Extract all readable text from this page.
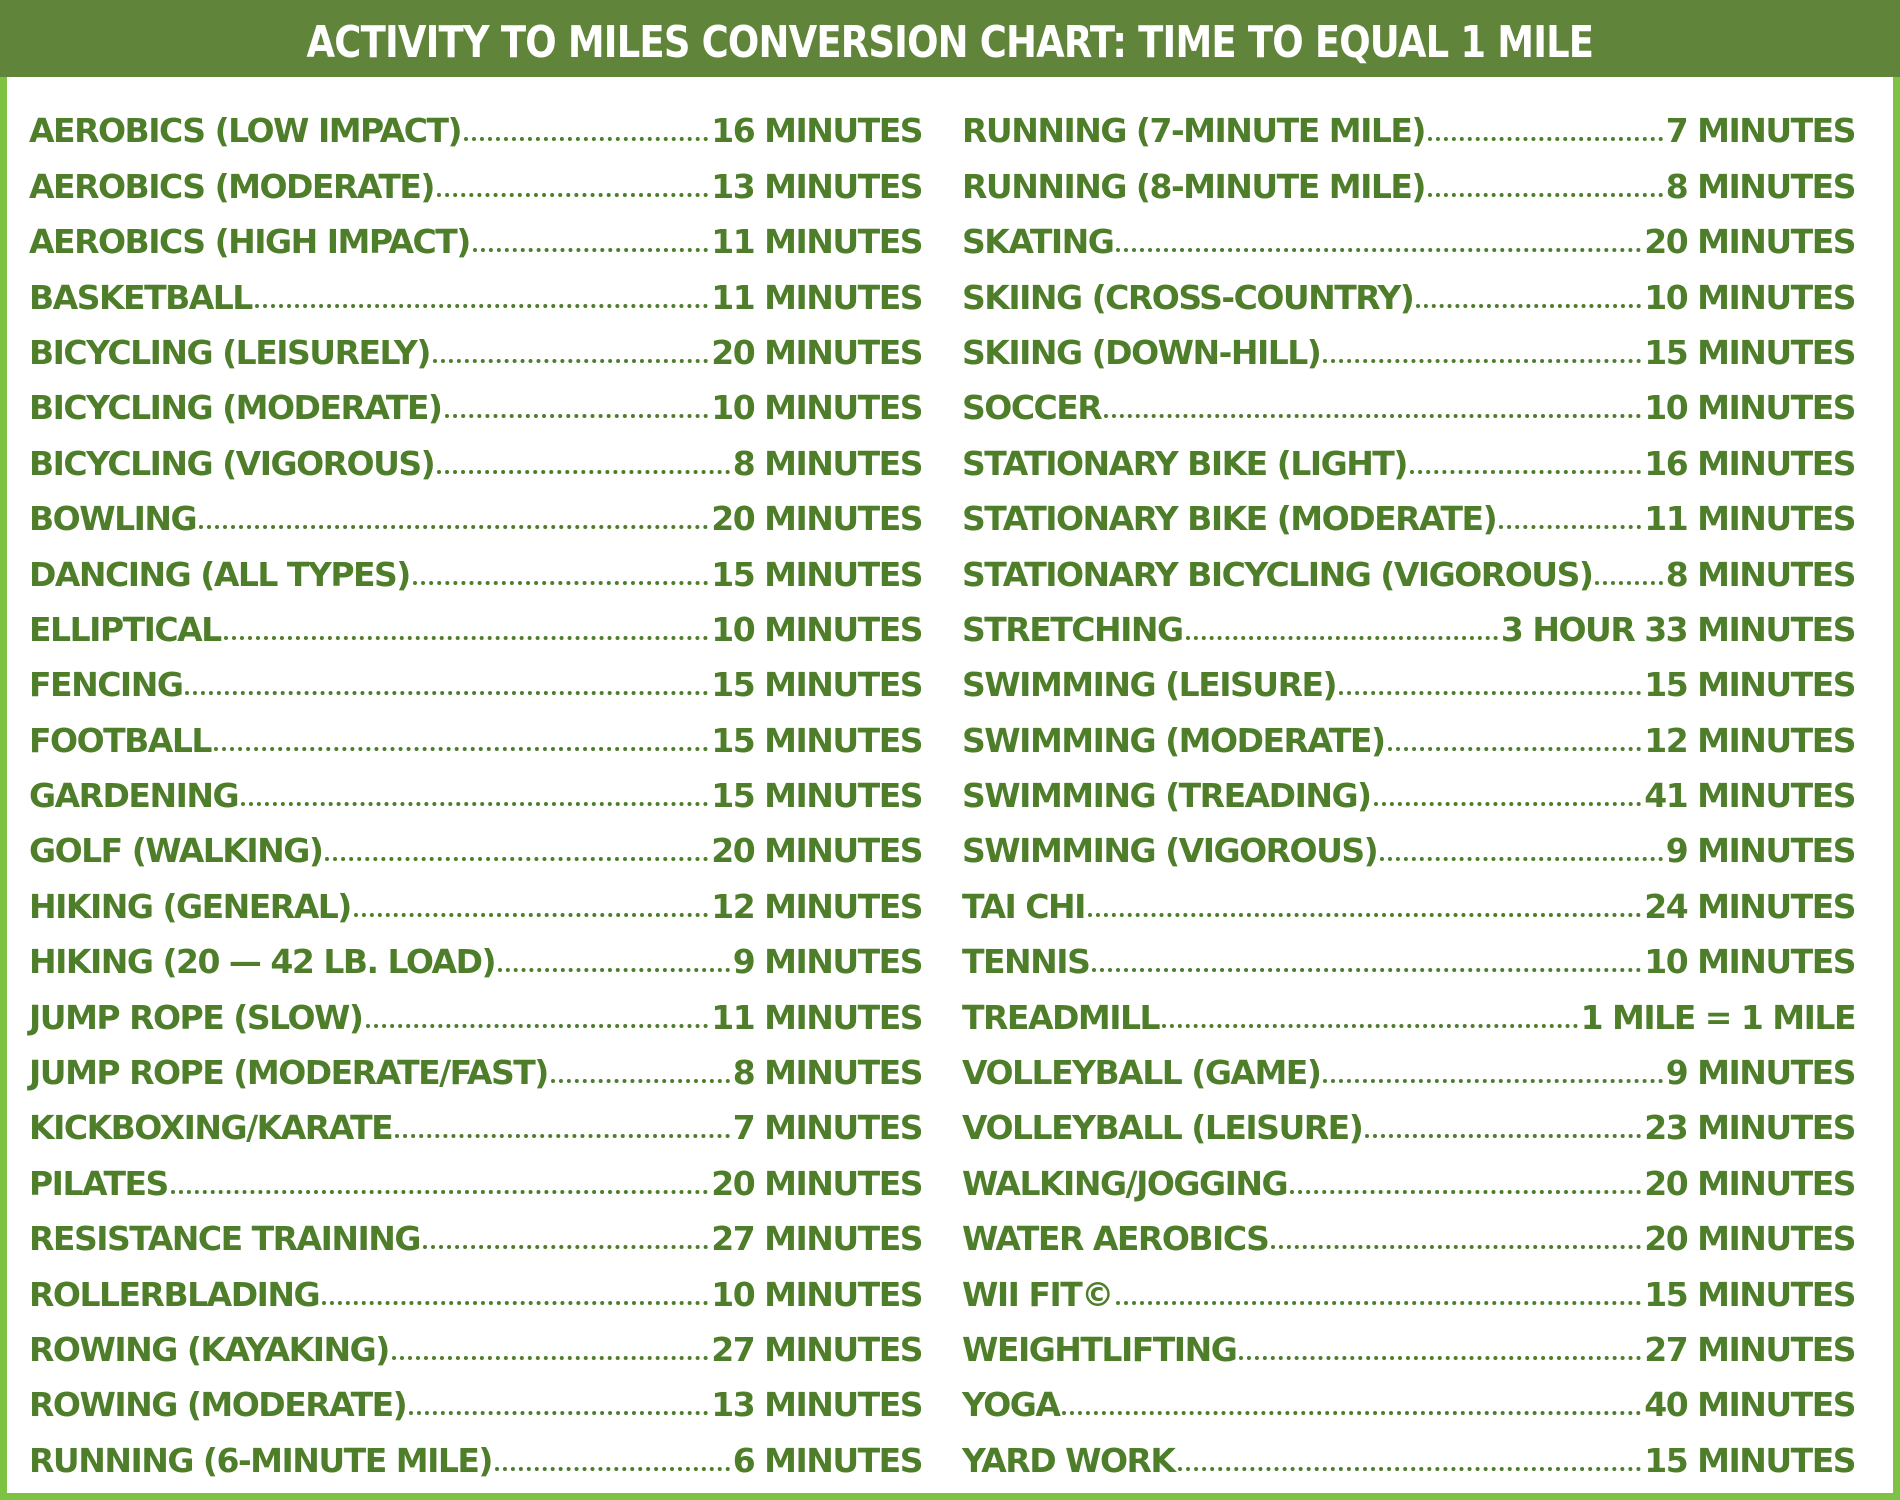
ACTIVITY TO MILES CONVERSION CHART: TIME TO EQUAL 1 MILE
AEROBICS (LOW IMPACT)	16 MINUTES
AEROBICS (MODERATE)	13 MINUTES
AEROBICS (HIGH IMPACT)	11 MINUTES
BASKETBALL	11 MINUTES
BICYCLING (LEISURELY)	20 MINUTES
BICYCLING (MODERATE)	10 MINUTES
BICYCLING (VIGOROUS)	8 MINUTES
BOWLING	20 MINUTES
DANCING (ALL TYPES)	15 MINUTES
ELLIPTICAL	10 MINUTES
FENCING	15 MINUTES
FOOTBALL	15 MINUTES
GARDENING	15 MINUTES
GOLF (WALKING)	20 MINUTES
HIKING (GENERAL)	12 MINUTES
HIKING (20 — 42 LB. LOAD)	9 MINUTES
JUMP ROPE (SLOW)	11 MINUTES
JUMP ROPE (MODERATE/FAST)	8 MINUTES
KICKBOXING/KARATE	7 MINUTES
PILATES	20 MINUTES
RESISTANCE TRAINING	27 MINUTES
ROLLERBLADING	10 MINUTES
ROWING (KAYAKING)	27 MINUTES
ROWING (MODERATE)	13 MINUTES
RUNNING (6-MINUTE MILE)	6 MINUTES
RUNNING (7-MINUTE MILE)	7 MINUTES
RUNNING (8-MINUTE MILE)	8 MINUTES
SKATING	20 MINUTES
SKIING (CROSS-COUNTRY)	10 MINUTES
SKIING (DOWN-HILL)	15 MINUTES
SOCCER	10 MINUTES
STATIONARY BIKE (LIGHT)	16 MINUTES
STATIONARY BIKE (MODERATE)	11 MINUTES
STATIONARY BICYCLING (VIGOROUS) 8 MINUTES
STRETCHING	3 HOUR 33 MINUTES
SWIMMING (LEISURE)	15 MINUTES
SWIMMING (MODERATE)	12 MINUTES
SWIMMING (TREADING)	41 MINUTES
SWIMMING (VIGOROUS)	9 MINUTES
TAI CHI	24 MINUTES
TENNIS	10 MINUTES
TREADMILL	1 MILE = 1 MILE
VOLLEYBALL (GAME)	9 MINUTES
VOLLEYBALL (LEISURE)	23 MINUTES
WALKING/JOGGING	20 MINUTES
WATER AEROBICS	20 MINUTES
WII FIT©	15 MINUTES
WEIGHTLIFTING	27 MINUTES
YOGA	40 MINUTES
YARD WORK	15 MINUTES
